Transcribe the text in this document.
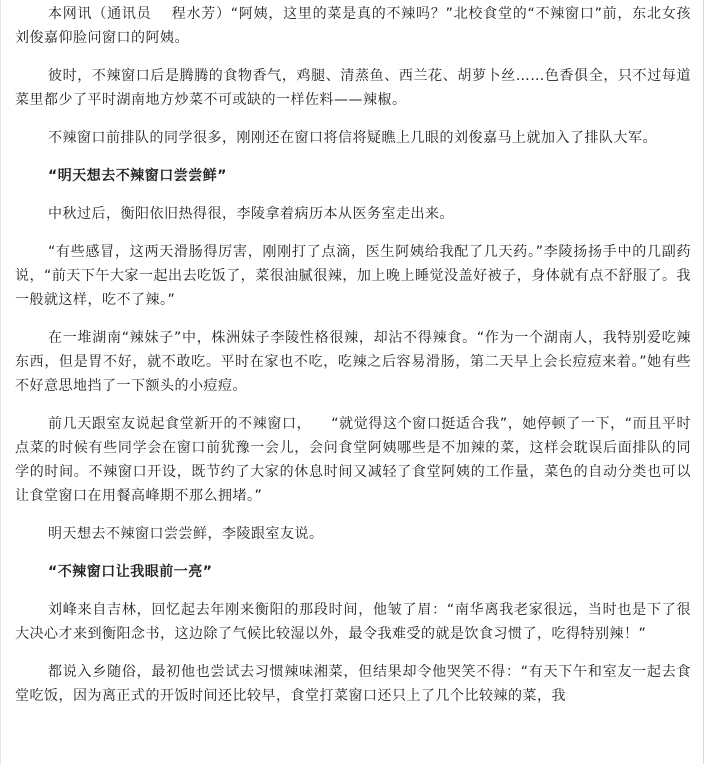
本网讯（通讯员 程水芳）“阿姨，这里的菜是真的不辣吗？”北校食堂的“不辣窗口”前，东北女孩刘俊嘉仰脸问窗口的阿姨。

彼时，不辣窗口后是腾腾的食物香气，鸡腿、清蒸鱼、西兰花、胡萝卜丝……色香俱全，只不过每道菜里都少了平时湖南地方炒菜不可或缺的一样佐料——辣椒。

不辣窗口前排队的同学很多，刚刚还在窗口将信将疑瞧上几眼的刘俊嘉马上就加入了排队大军。

“明天想去不辣窗口尝尝鲜”

中秋过后，衡阳依旧热得很，李陵拿着病历本从医务室走出来。

“有些感冒，这两天滑肠得厉害，刚刚打了点滴，医生阿姨给我配了几天药。”李陵扬扬手中的几副药说，“前天下午大家一起出去吃饭了，菜很油腻很辣，加上晚上睡觉没盖好被子，身体就有点不舒服了。我一般就这样，吃不了辣。”

在一堆湖南“辣妹子”中，株洲妹子李陵性格很辣，却沾不得辣食。“作为一个湖南人，我特别爱吃辣东西，但是胃不好，就不敢吃。平时在家也不吃，吃辣之后容易滑肠，第二天早上会长痘痘来着。”她有些不好意思地挡了一下额头的小痘痘。

前几天跟室友说起食堂新开的不辣窗口， “就觉得这个窗口挺适合我”，她停顿了一下，“而且平时点菜的时候有些同学会在窗口前犹豫一会儿，会问食堂阿姨哪些是不加辣的菜，这样会耽误后面排队的同学的时间。不辣窗口开设，既节约了大家的休息时间又减轻了食堂阿姨的工作量，菜色的自动分类也可以让食堂窗口在用餐高峰期不那么拥堵。”

明天想去不辣窗口尝尝鲜，李陵跟室友说。

“不辣窗口让我眼前一亮”

刘峰来自吉林，回忆起去年刚来衡阳的那段时间，他皱了眉：“南华离我老家很远，当时也是下了很大决心才来到衡阳念书，这边除了气候比较湿以外，最令我难受的就是饮食习惯了，吃得特别辣！”

都说入乡随俗，最初他也尝试去习惯辣味湘菜，但结果却令他哭笑不得：“有天下午和室友一起去食堂吃饭，因为离正式的开饭时间还比较早，食堂打菜窗口还只上了几个比较辣的菜，我
